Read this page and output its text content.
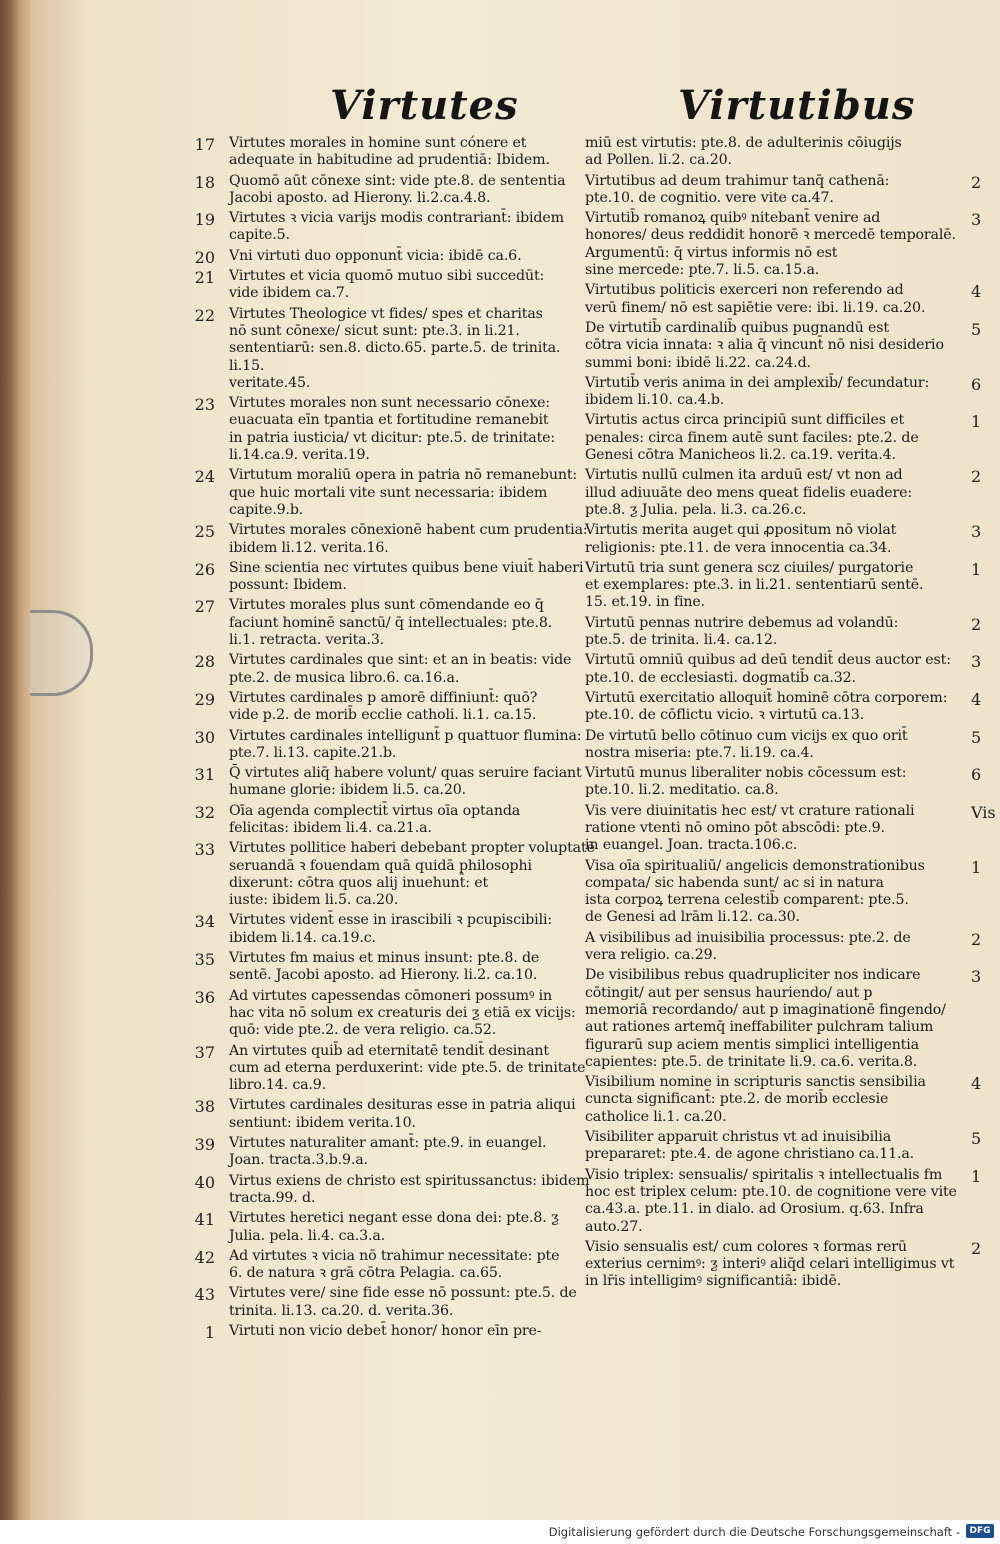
Virtutes	Virtutibus
17 Virtutes morales in homine sunt cónere et adequate in habitudine ad prudentiā: Ibidem.
18 Quomō aūt cōnexe sint: vide pte.8. de sententia
Jacobi aposto. ad Hierony. li.2.ca.4.8.
19 Virtutes ꝛ vicia varijs modis contrariant̄: ibidem capite.5.
20 Vni virtuti duo opponunt̄ vicia: ibidē ca.6.
21 Virtutes et vicia quomō mutuo sibi succedūt:
vide ibidem ca.7.
22 Virtutes Theologice vt fides/ spes et charitas
nō sunt cōnexe/ sicut sunt: pte.3. in li.21. sententiarū: sen.8. dicto.65. parte.5. de trinita. li.15.
veritate.45.
23 Virtutes morales non sunt necessario cōnexe:
euacuata eīn tpantia et fortitudine remanebit
in patria iusticia/ vt dicitur: pte.5. de trinitate:
li.14.ca.9. verita.19.
24 Virtutum moraliū opera in patria nō remanebunt: que huic mortali vite sunt necessaria: ibidem capite.9.b.
25 Virtutes morales cōnexionē habent cum prudentia: ibidem li.12. verita.16.
26 Sine scientia nec virtutes quibus bene viuit̄ haberi possunt: Ibidem.
27 Virtutes morales plus sunt cōmendande eo q̄
faciunt hominē sanctū/ q̄ intellectuales: pte.8.
li.1. retracta. verita.3.
28 Virtutes cardinales que sint: et an in beatis: vide pte.2. de musica libro.6. ca.16.a.
29 Virtutes cardinales p amorē diffiniunt̄: quō?
vide p.2. de morib̄ ecclie catholi. li.1. ca.15.
30 Virtutes cardinales intelligunt̄ p quattuor flumina: pte.7. li.13. capite.21.b.
31 Q̄ virtutes aliq̄ habere volunt/ quas seruire faciant humane glorie: ibidem li.5. ca.20.
32 Oīa agenda complectit̄ virtus oīa optanda
felicitas: ibidem li.4. ca.21.a.
33 Virtutes pollitice haberi debebant propter voluptatē seruandā ꝛ fouendam quā quidā philosophi dixerunt: cōtra quos alij inuehunt̄: et
iuste: ibidem li.5. ca.20.
34 Virtutes vident̄ esse in irascibili ꝛ pcupiscibili:
ibidem li.14. ca.19.c.
35 Virtutes fm maius et minus insunt: pte.8. de
sentē. Jacobi aposto. ad Hierony. li.2. ca.10.
36 Ad virtutes capessendas cōmoneri possumꝰ in
hac vita nō solum ex creaturis dei ƺ etiā ex vicijs: quō: vide pte.2. de vera religio. ca.52.
37 An virtutes quib̄ ad eternitatē tendit̄ desinant
cum ad eterna perduxerint: vide pte.5. de trinitate libro.14. ca.9.
38 Virtutes cardinales desituras esse in patria aliqui sentiunt: ibidem verita.10.
39 Virtutes naturaliter amant̄: pte.9. in euangel.
Joan. tracta.3.b.9.a.
40 Virtus exiens de christo est spiritussanctus: ibidem tracta.99. d.
41 Virtutes heretici negant esse dona dei: pte.8. ƺ
Julia. pela. li.4. ca.3.a.
42 Ad virtutes ꝛ vicia nō trahimur necessitate: pte
6. de natura ꝛ grā cōtra Pelagia. ca.65.
43 Virtutes vere/ sine fide esse nō possunt: pte.5. de
trinita. li.13. ca.20. d. verita.36.
1 Virtuti non vicio debet̄ honor/ honor eīn pre-
miū est virtutis: pte.8. de adulterinis cōiugijs
ad Pollen. li.2. ca.20.
2
Virtutibus ad deum trahimur tanq̄ cathenā:
pte.10. de cognitio. vere vite ca.47.
3
Virtutib̄ romanoꝝ quibꝰ nitebant̄ venire ad
honores/ deus reddidit honorē ꝛ mercedē temporalē. Argumentū: q̄ virtus informis nō est
sine mercede: pte.7. li.5. ca.15.a.
4
Virtutibus politicis exerceri non referendo ad
verū finem/ nō est sapiētie vere: ibi. li.19. ca.20.
5
De virtutib̄ cardinalib̄ quibus pugnandū est
cōtra vicia innata: ꝛ alia q̄ vincunt̄ nō nisi desiderio summi boni: ibidē li.22. ca.24.d.
6
Virtutib̄ veris anima in dei amplexib̄/ fecundatur: ibidem li.10. ca.4.b.
1
Virtutis actus circa principiū sunt difficiles et
penales: circa finem autē sunt faciles: pte.2. de
Genesi cōtra Manicheos li.2. ca.19. verita.4.
2
Virtutis nullū culmen ita arduū est/ vt non ad
illud adiuuāte deo mens queat fidelis euadere:
pte.8. ƺ Julia. pela. li.3. ca.26.c.
3
Virtutis merita auget qui ꝓpositum nō violat
religionis: pte.11. de vera innocentia ca.34.
1
Virtutū tria sunt genera scz ciuiles/ purgatorie
et exemplares: pte.3. in li.21. sententiarū sentē.
15. et.19. in fine.
2
Virtutū pennas nutrire debemus ad volandū:
pte.5. de trinita. li.4. ca.12.
3
Virtutū omniū quibus ad deū tendit̄ deus auctor est: pte.10. de ecclesiasti. dogmatib̄ ca.32.
4
Virtutū exercitatio alloquit̄ hominē cōtra corporem: pte.10. de cōflictu vicio. ꝛ virtutū ca.13.
5
De virtutū bello cōtinuo cum vicijs ex quo orit̄
nostra miseria: pte.7. li.19. ca.4.
6
Virtutū munus liberaliter nobis cōcessum est:
pte.10. li.2. meditatio. ca.8.
Vis
Vis vere diuinitatis hec est/ vt crature rationali ratione vtenti nō omino pōt abscōdi: pte.9.
in euangel. Joan. tracta.106.c.
1
Visa oīa spiritualiū/ angelicis demonstrationibus compata/ sic habenda sunt/ ac si in natura
ista corpoꝝ terrena celestib̄ comparent: pte.5.
de Genesi ad lrām li.12. ca.30.
2
A visibilibus ad inuisibilia processus: pte.2. de
vera religio. ca.29.
3
De visibilibus rebus quadrupliciter nos indicare cōtingit/ aut per sensus hauriendo/ aut p
memoriā recordando/ aut p imaginationē fingendo/ aut rationes artemq̄ ineffabiliter pulchram talium figurarū sup aciem mentis simplici intelligentia capientes: pte.5. de trinitate li.9. ca.6. verita.8.
4
Visibilium nomine in scripturis sanctis sensibilia cuncta significant̄: pte.2. de morib̄ ecclesie
catholice li.1. ca.20.
5
Visibiliter apparuit christus vt ad inuisibilia
prepararet: pte.4. de agone christiano ca.11.a.
1
Visio triplex: sensualis/ spiritalis ꝛ intellectualis fm hoc est triplex celum: pte.10. de cognitione vere vite ca.43.a. pte.11. in dialo. ad Orosium. q.63. Infra auto.27.
2
Visio sensualis est/ cum colores ꝛ formas rerū
exterius cernimꝰ: ƺ interiꝰ aliq̄d celari intelligimus vt in lr̄is intelligimꝰ significantiā: ibidē.
Digitalisierung gefördert durch die Deutsche Forschungsgemeinschaft -	DFG
